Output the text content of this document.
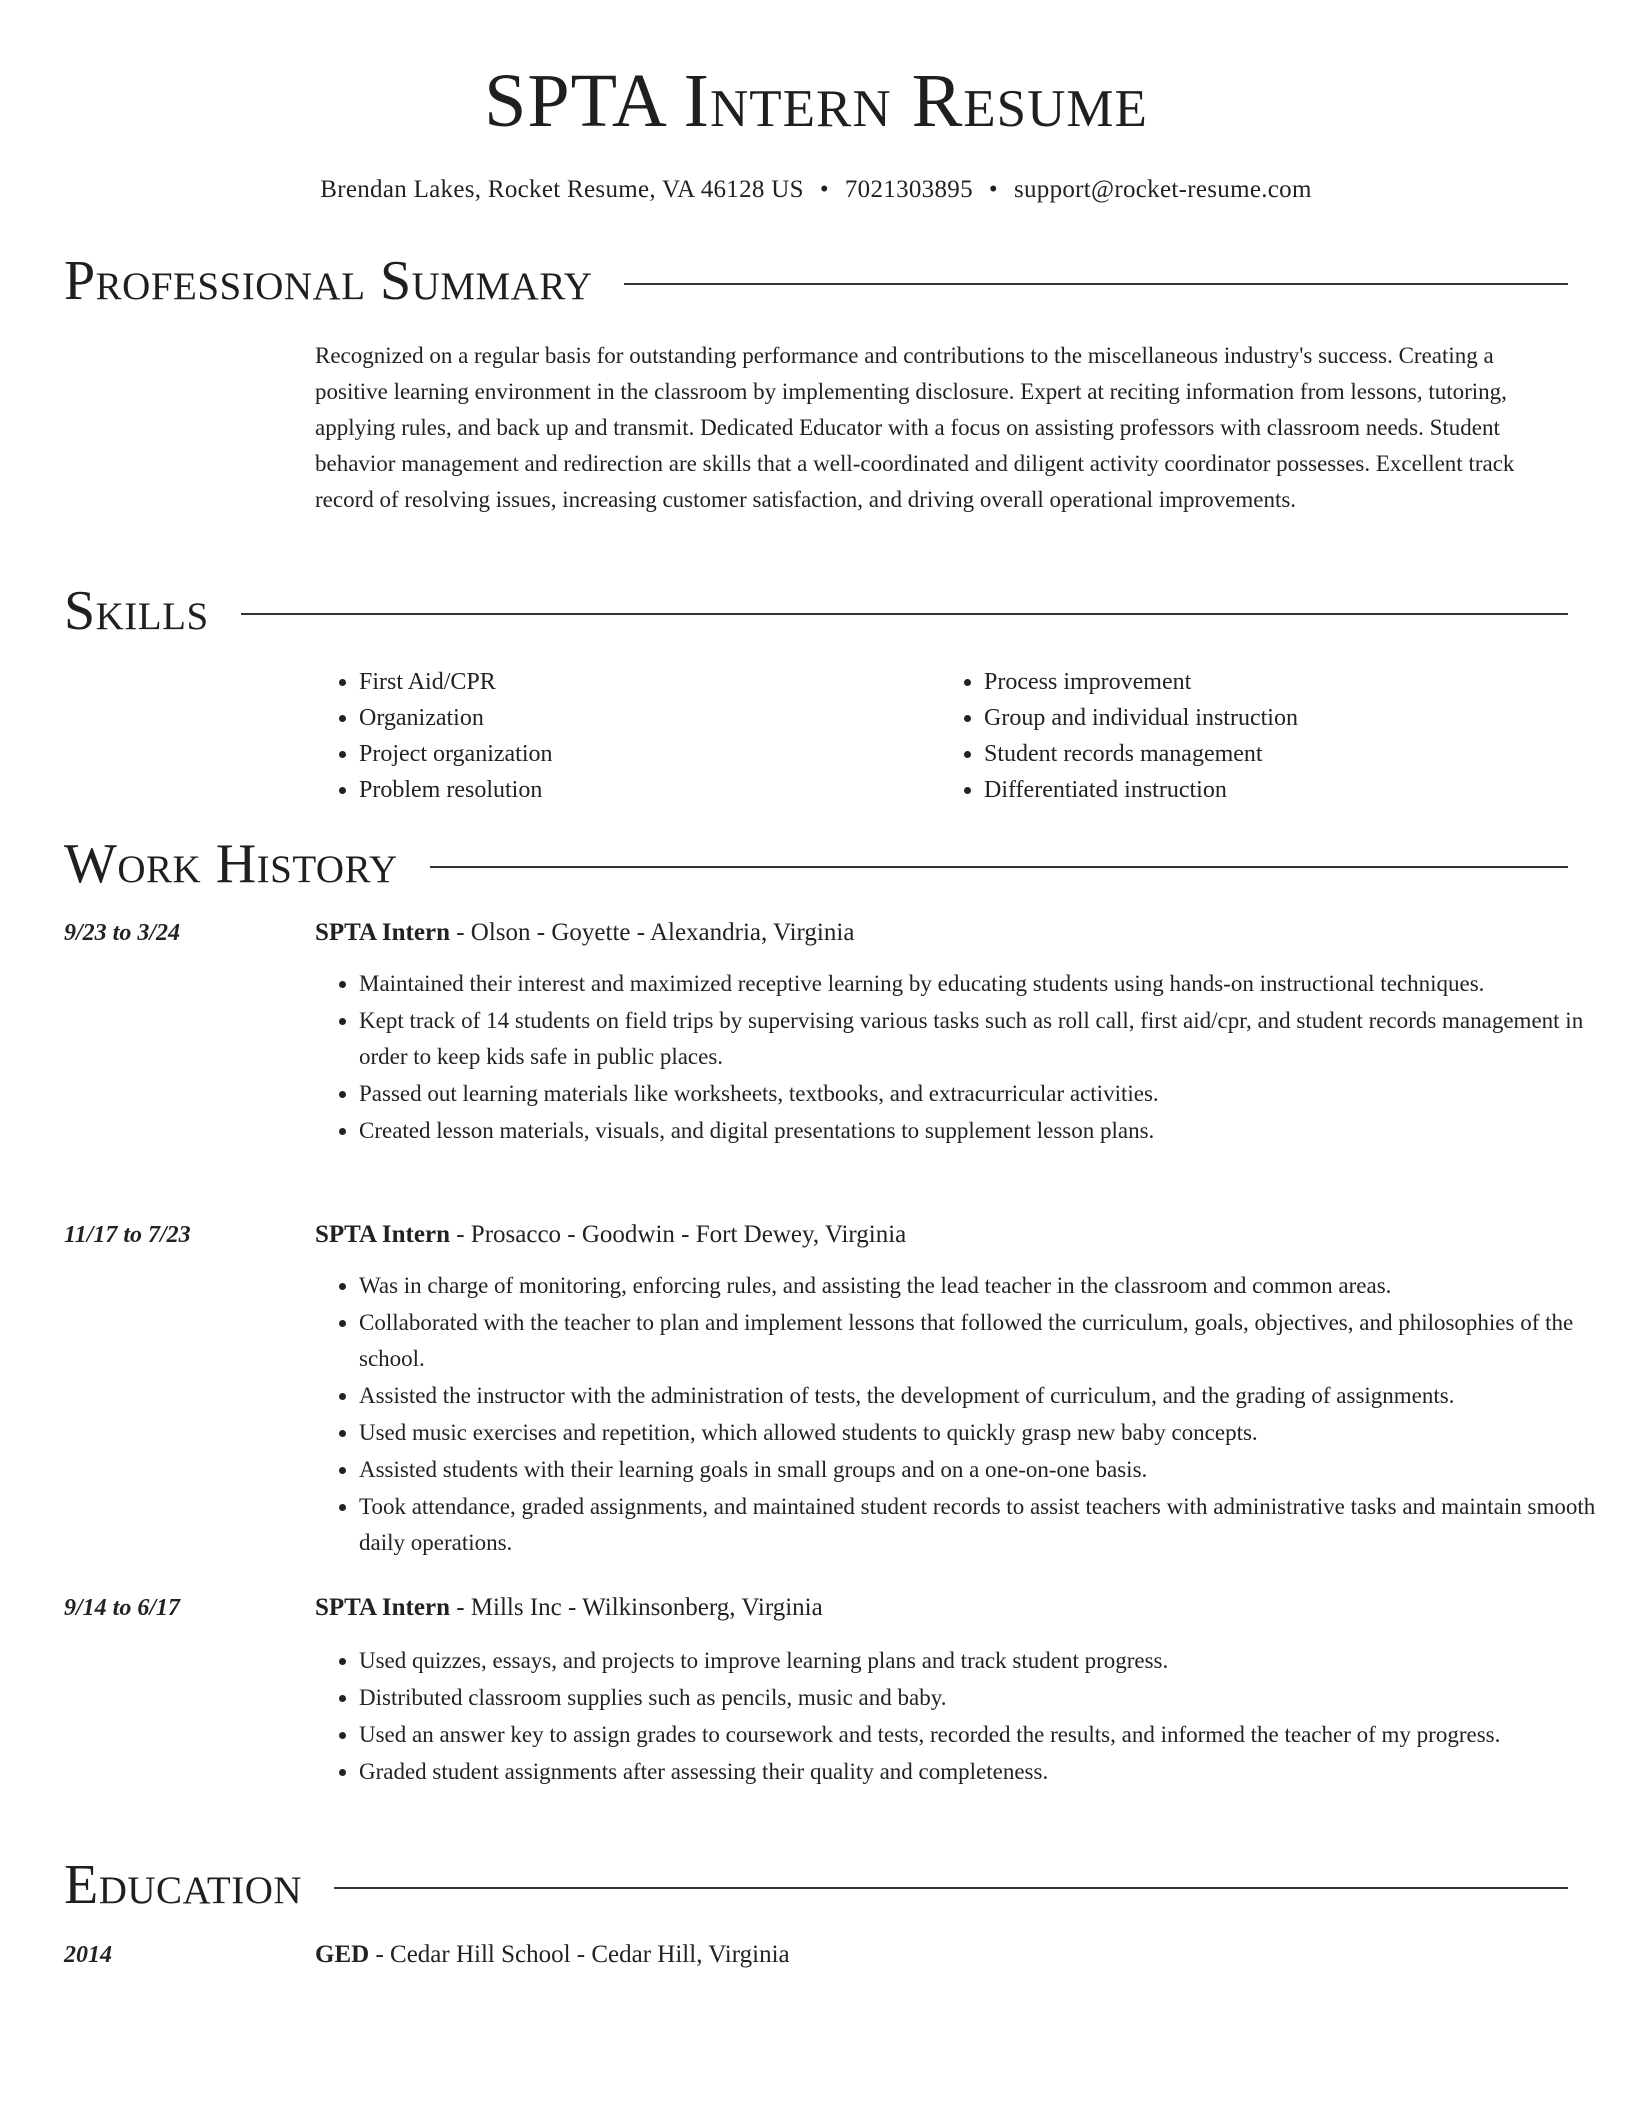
SPTA Intern Resume
Brendan Lakes, Rocket Resume, VA 46128 US • 7021303895 • support@rocket-resume.com
Professional Summary
Recognized on a regular basis for outstanding performance and contributions to the miscellaneous industry's success. Creating a positive learning environment in the classroom by implementing disclosure. Expert at reciting information from lessons, tutoring, applying rules, and back up and transmit. Dedicated Educator with a focus on assisting professors with classroom needs. Student behavior management and redirection are skills that a well-coordinated and diligent activity coordinator possesses. Excellent track record of resolving issues, increasing customer satisfaction, and driving overall operational improvements.
Skills
• First Aid/CPR
• Organization
• Project organization
• Problem resolution
• Process improvement
• Group and individual instruction
• Student records management
• Differentiated instruction
Work History
9/23 to 3/24	SPTA Intern - Olson - Goyette - Alexandria, Virginia
• Maintained their interest and maximized receptive learning by educating students using hands-on instructional techniques.
• Kept track of 14 students on field trips by supervising various tasks such as roll call, first aid/cpr, and student records management in order to keep kids safe in public places.
• Passed out learning materials like worksheets, textbooks, and extracurricular activities.
• Created lesson materials, visuals, and digital presentations to supplement lesson plans.
11/17 to 7/23	SPTA Intern - Prosacco - Goodwin - Fort Dewey, Virginia
• Was in charge of monitoring, enforcing rules, and assisting the lead teacher in the classroom and common areas.
• Collaborated with the teacher to plan and implement lessons that followed the curriculum, goals, objectives, and philosophies of the school.
• Assisted the instructor with the administration of tests, the development of curriculum, and the grading of assignments.
• Used music exercises and repetition, which allowed students to quickly grasp new baby concepts.
• Assisted students with their learning goals in small groups and on a one-on-one basis.
• Took attendance, graded assignments, and maintained student records to assist teachers with administrative tasks and maintain smooth daily operations.
9/14 to 6/17	SPTA Intern - Mills Inc - Wilkinsonberg, Virginia
• Used quizzes, essays, and projects to improve learning plans and track student progress.
• Distributed classroom supplies such as pencils, music and baby.
• Used an answer key to assign grades to coursework and tests, recorded the results, and informed the teacher of my progress.
• Graded student assignments after assessing their quality and completeness.
Education
2014	GED - Cedar Hill School - Cedar Hill, Virginia
